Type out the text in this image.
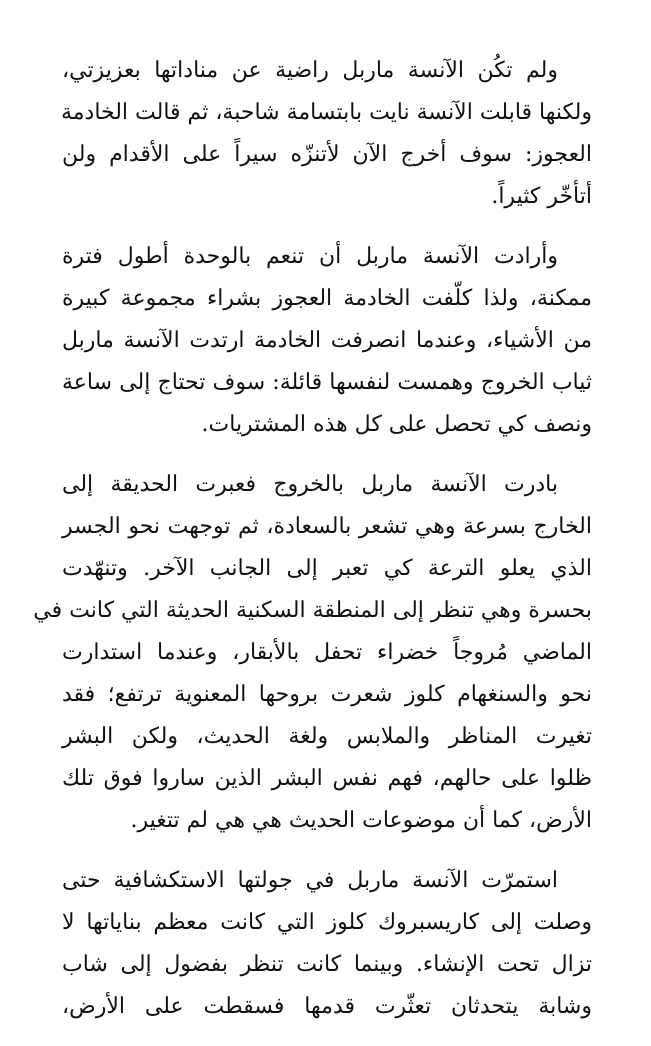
ولم تكُن الآنسة ماربل راضية عن مناداتها بعزيزتي،
ولكنها قابلت الآنسة نايت بابتسامة شاحبة، ثم قالت الخادمة
العجوز: سوف أخرج الآن لأتنزّه سيراً على الأقدام ولن
أتأخّر كثيراً.
وأرادت الآنسة ماربل أن تنعم بالوحدة أطول فترة
ممكنة، ولذا كلّفت الخادمة العجوز بشراء مجموعة كبيرة
من الأشياء، وعندما انصرفت الخادمة ارتدت الآنسة ماربل
ثياب الخروج وهمست لنفسها قائلة: سوف تحتاج إلى ساعة
ونصف كي تحصل على كل هذه المشتريات.
بادرت الآنسة ماربل بالخروج فعبرت الحديقة إلى
الخارج بسرعة وهي تشعر بالسعادة، ثم توجهت نحو الجسر
الذي يعلو الترعة كي تعبر إلى الجانب الآخر. وتنهّدت
بحسرة وهي تنظر إلى المنطقة السكنية الحديثة التي كانت في
الماضي مُروجاً خضراء تحفل بالأبقار، وعندما استدارت
نحو والسنغهام كلوز شعرت بروحها المعنوية ترتفع؛ فقد
تغيرت المناظر والملابس ولغة الحديث، ولكن البشر
ظلوا على حالهم، فهم نفس البشر الذين ساروا فوق تلك
الأرض، كما أن موضوعات الحديث هي هي لم تتغير.
استمرّت الآنسة ماربل في جولتها الاستكشافية حتى
وصلت إلى كاريسبروك كلوز التي كانت معظم بناياتها لا
تزال تحت الإنشاء. وبينما كانت تنظر بفضول إلى شاب
وشابة يتحدثان تعثّرت قدمها فسقطت على الأرض،
